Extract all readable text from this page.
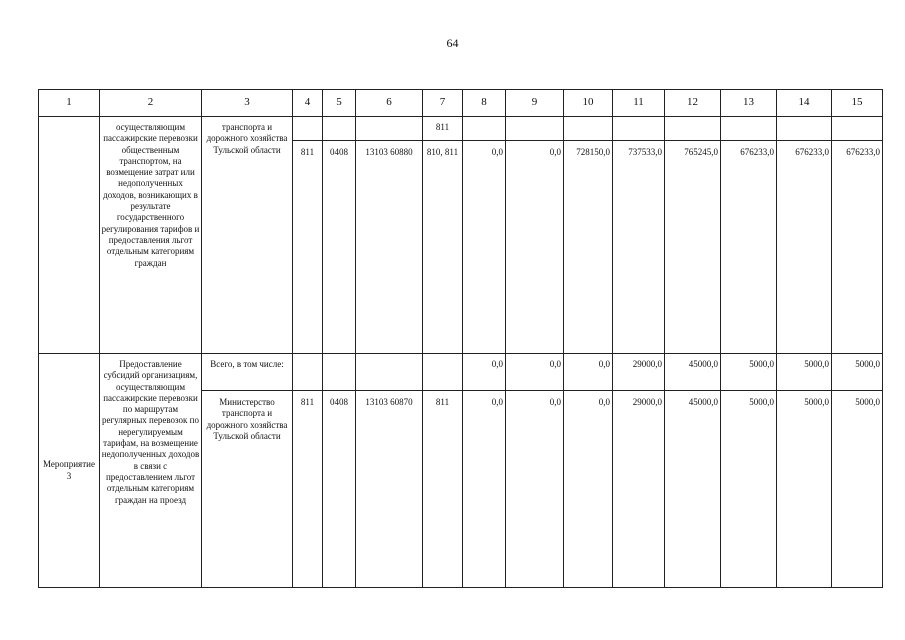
64
1	2	3	4	5	6	7	8	9	10	11	12	13	14	15
	осуществляющим пассажирские перевозки общественным транспортом, на возмещение затрат или недополученных доходов, возникающих в результате государственного регулирования тарифов и предоставления льгот отдельным категориям граждан	транспорта и дорожного хозяйства Тульской области				811								
			811	0408	13103 60880	810, 811	0,0	0,0	728150,0	737533,0	765245,0	676233,0	676233,0	676233,0
Мероприятие 3	Предоставление субсидий организациям, осуществляющим пассажирские перевозки по маршрутам регулярных перевозок по нерегулируемым тарифам, на возмещение недополученных доходов в связи с предоставлением льгот отдельным категориям граждан на проезд	Всего, в том числе:					0,0	0,0	0,0	29000,0	45000,0	5000,0	5000,0	5000,0
		Министерство транспорта и дорожного хозяйства Тульской области	811	0408	13103 60870	811	0,0	0,0	0,0	29000,0	45000,0	5000,0	5000,0	5000,0
